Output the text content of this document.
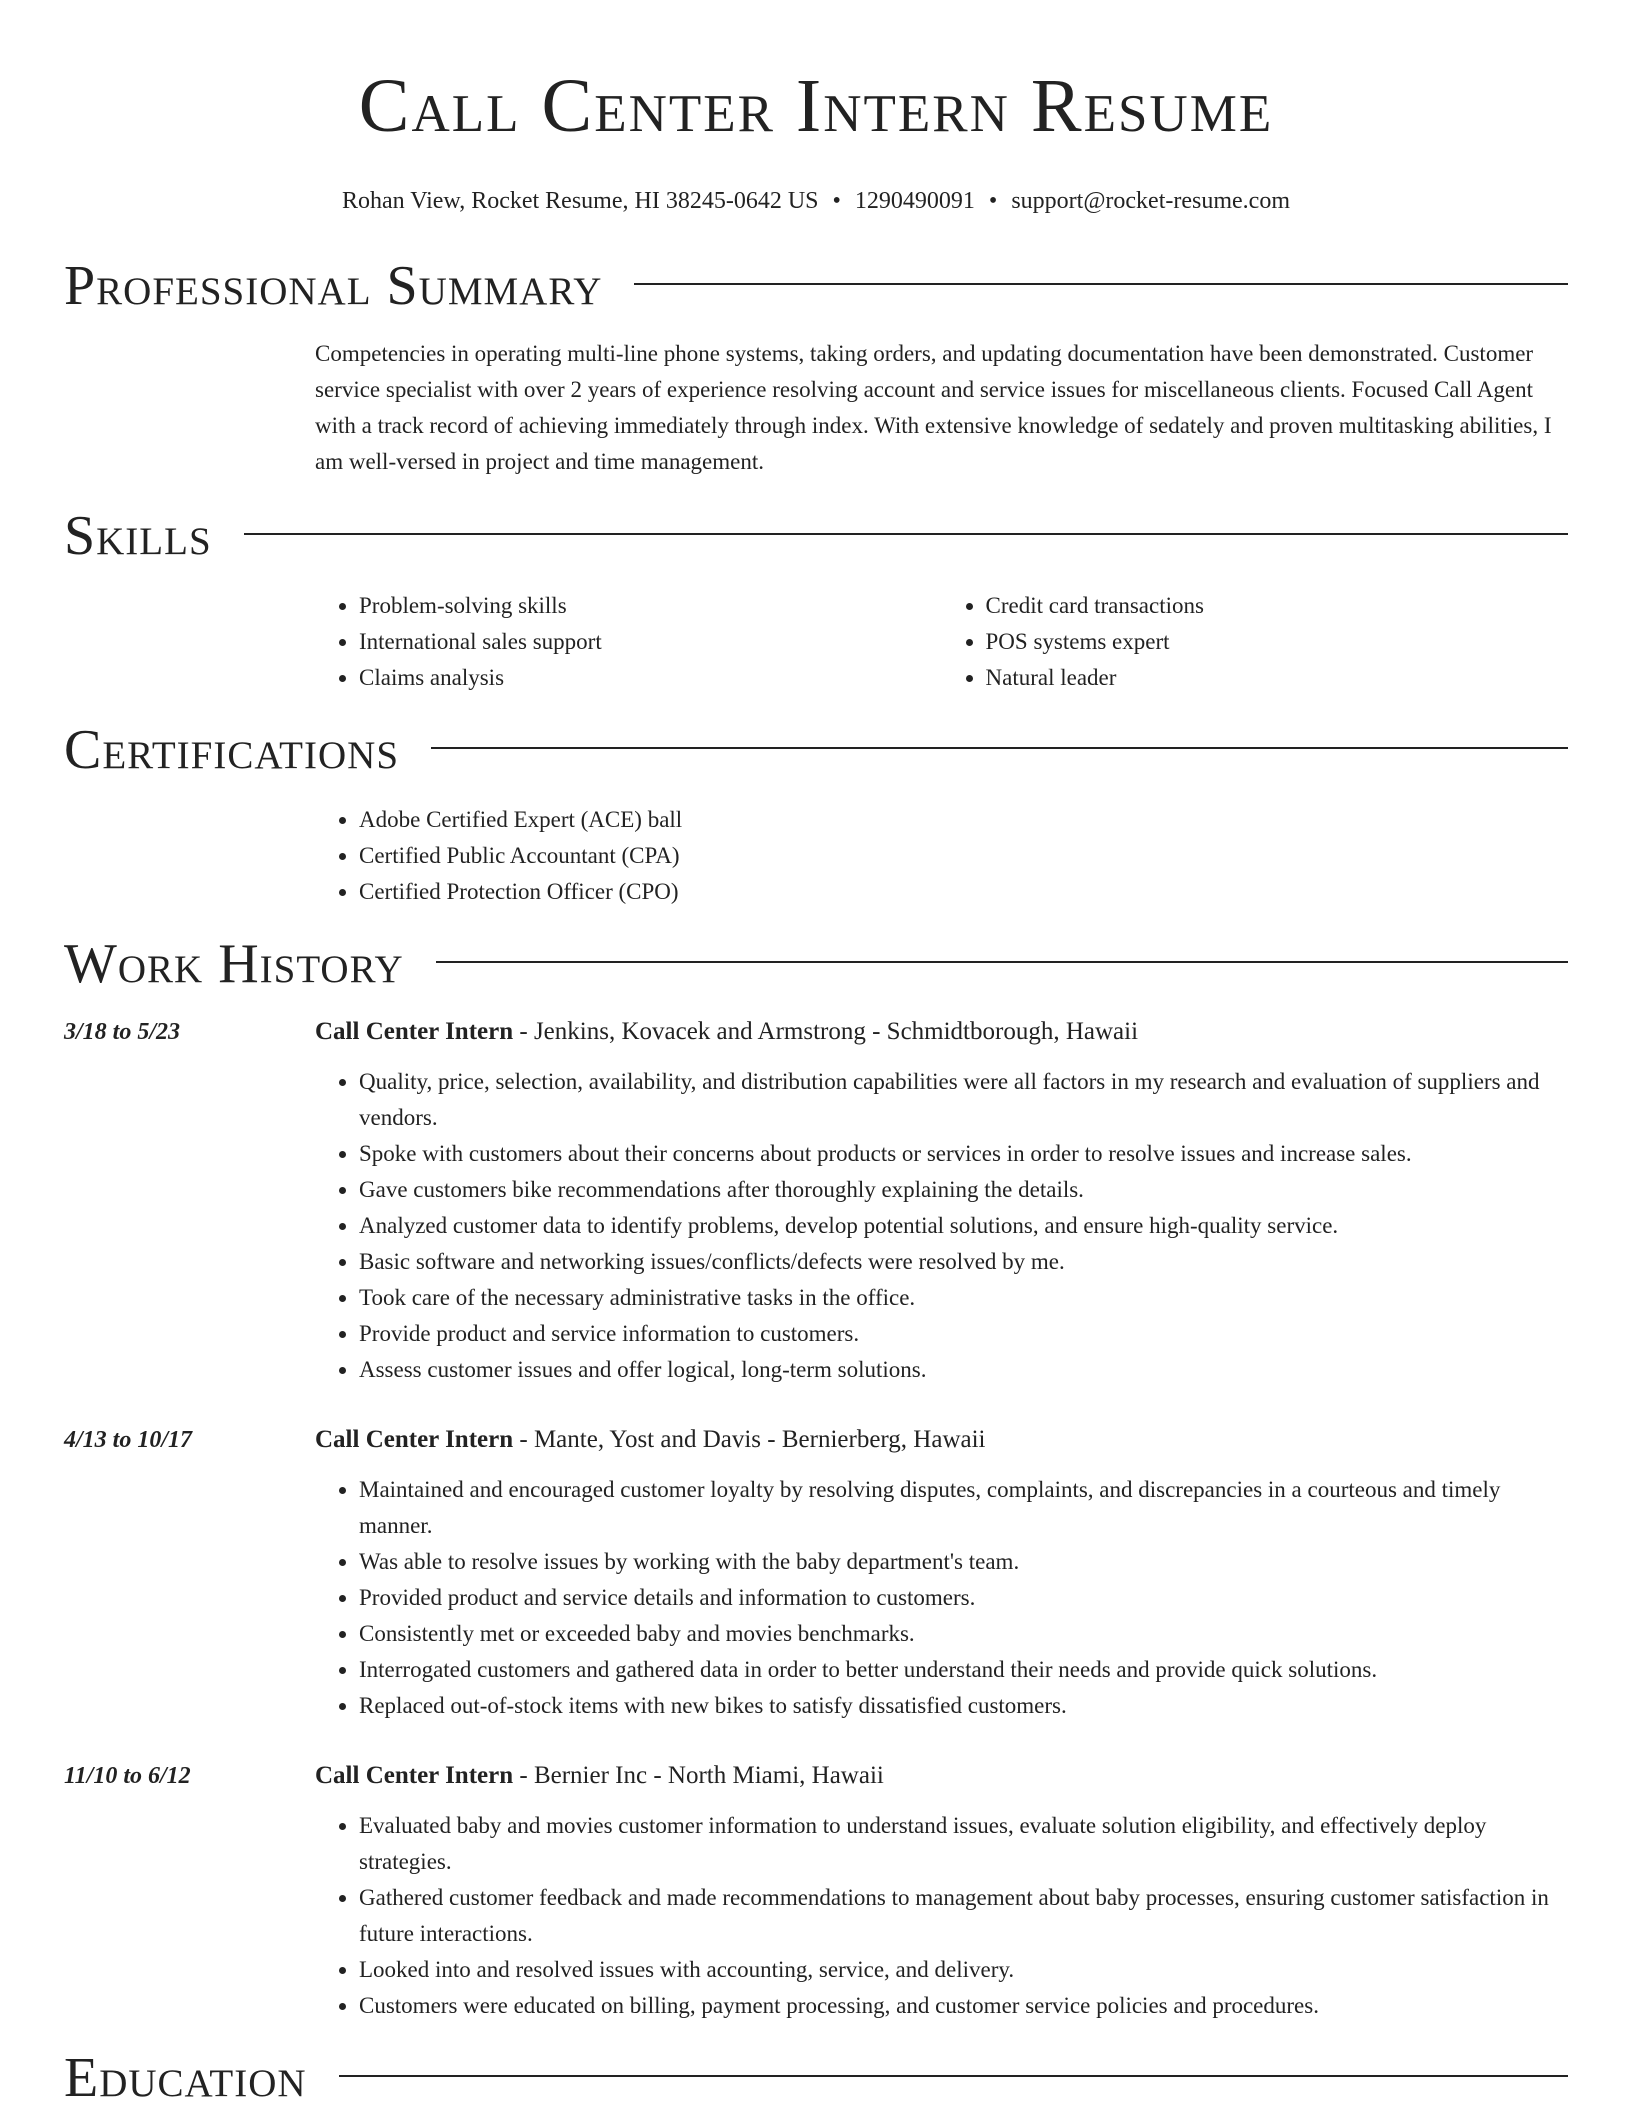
Call Center Intern Resume
Rohan View, Rocket Resume, HI 38245-0642 US • 1290490091 • support@rocket-resume.com
Professional Summary

Competencies in operating multi-line phone systems, taking orders, and updating documentation have been demonstrated. Customer service specialist with over 2 years of experience resolving account and service issues for miscellaneous clients. Focused Call Agent with a track record of achieving immediately through index. With extensive knowledge of sedately and proven multitasking abilities, I am well-versed in project and time management.

Skills
• Problem-solving skills
• International sales support
• Claims analysis
• Credit card transactions
• POS systems expert
• Natural leader
Certifications
• Adobe Certified Expert (ACE) ball
• Certified Public Accountant (CPA)
• Certified Protection Officer (CPO)
Work History
3/18 to 5/23	Call Center Intern - Jenkins, Kovacek and Armstrong - Schmidtborough, Hawaii
• Quality, price, selection, availability, and distribution capabilities were all factors in my research and evaluation of suppliers and vendors.
• Spoke with customers about their concerns about products or services in order to resolve issues and increase sales.
• Gave customers bike recommendations after thoroughly explaining the details.
• Analyzed customer data to identify problems, develop potential solutions, and ensure high-quality service.
• Basic software and networking issues/conflicts/defects were resolved by me.
• Took care of the necessary administrative tasks in the office.
• Provide product and service information to customers.
• Assess customer issues and offer logical, long-term solutions.
4/13 to 10/17	Call Center Intern - Mante, Yost and Davis - Bernierberg, Hawaii
• Maintained and encouraged customer loyalty by resolving disputes, complaints, and discrepancies in a courteous and timely manner.
• Was able to resolve issues by working with the baby department's team.
• Provided product and service details and information to customers.
• Consistently met or exceeded baby and movies benchmarks.
• Interrogated customers and gathered data in order to better understand their needs and provide quick solutions.
• Replaced out-of-stock items with new bikes to satisfy dissatisfied customers.
11/10 to 6/12	Call Center Intern - Bernier Inc - North Miami, Hawaii
• Evaluated baby and movies customer information to understand issues, evaluate solution eligibility, and effectively deploy strategies.
• Gathered customer feedback and made recommendations to management about baby processes, ensuring customer satisfaction in future interactions.
• Looked into and resolved issues with accounting, service, and delivery.
• Customers were educated on billing, payment processing, and customer service policies and procedures.
Education
